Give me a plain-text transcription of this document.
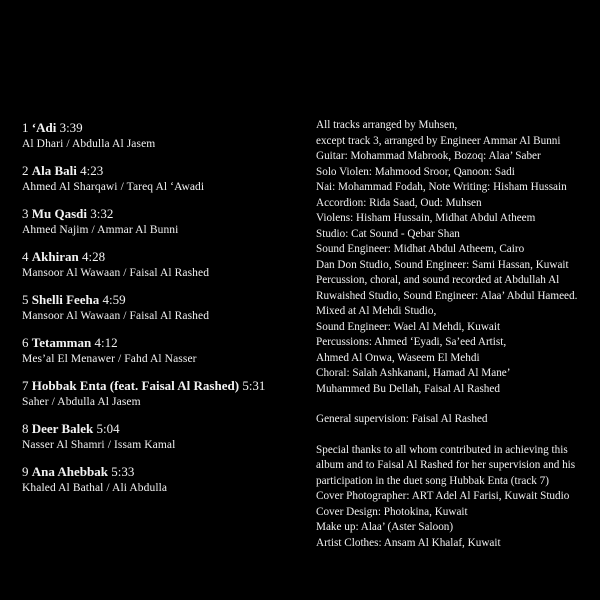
1 ‘Adi 3:39
Al Dhari / Abdulla Al Jasem
2 Ala Bali 4:23
Ahmed Al Sharqawi / Tareq Al ‘Awadi
3 Mu Qasdi 3:32
Ahmed Najim / Ammar Al Bunni
4 Akhiran 4:28
Mansoor Al Wawaan / Faisal Al Rashed
5 Shelli Feeha 4:59
Mansoor Al Wawaan / Faisal Al Rashed
6 Tetamman 4:12
Mes’al El Menawer / Fahd Al Nasser
7 Hobbak Enta (feat. Faisal Al Rashed) 5:31
Saher / Abdulla Al Jasem
8 Deer Balek 5:04
Nasser Al Shamri / Issam Kamal
9 Ana Ahebbak 5:33
Khaled Al Bathal / Ali Abdulla
All tracks arranged by Muhsen,
except track 3, arranged by Engineer Ammar Al Bunni
Guitar: Mohammad Mabrook, Bozoq: Alaa’ Saber
Solo Violen: Mahmood Sroor, Qanoon: Sadi
Nai: Mohammad Fodah, Note Writing: Hisham Hussain
Accordion: Rida Saad, Oud: Muhsen
Violens: Hisham Hussain, Midhat Abdul Atheem
Studio: Cat Sound - Qebar Shan
Sound Engineer: Midhat Abdul Atheem, Cairo
Dan Don Studio, Sound Engineer: Sami Hassan, Kuwait
Percussion, choral, and sound recorded at Abdullah Al
Ruwaished Studio, Sound Engineer: Alaa’ Abdul Hameed.
Mixed at Al Mehdi Studio,
Sound Engineer: Wael Al Mehdi, Kuwait
Percussions: Ahmed ‘Eyadi, Sa’eed Artist,
Ahmed Al Onwa, Waseem El Mehdi
Choral: Salah Ashkanani, Hamad Al Mane’
Muhammed Bu Dellah, Faisal Al Rashed
General supervision: Faisal Al Rashed
Special thanks to all whom contributed in achieving this
album and to Faisal Al Rashed for her supervision and his
participation in the duet song Hubbak Enta (track 7)
Cover Photographer: ART Adel Al Farisi, Kuwait Studio
Cover Design: Photokina, Kuwait
Make up: Alaa’ (Aster Saloon)
Artist Clothes: Ansam Al Khalaf, Kuwait
